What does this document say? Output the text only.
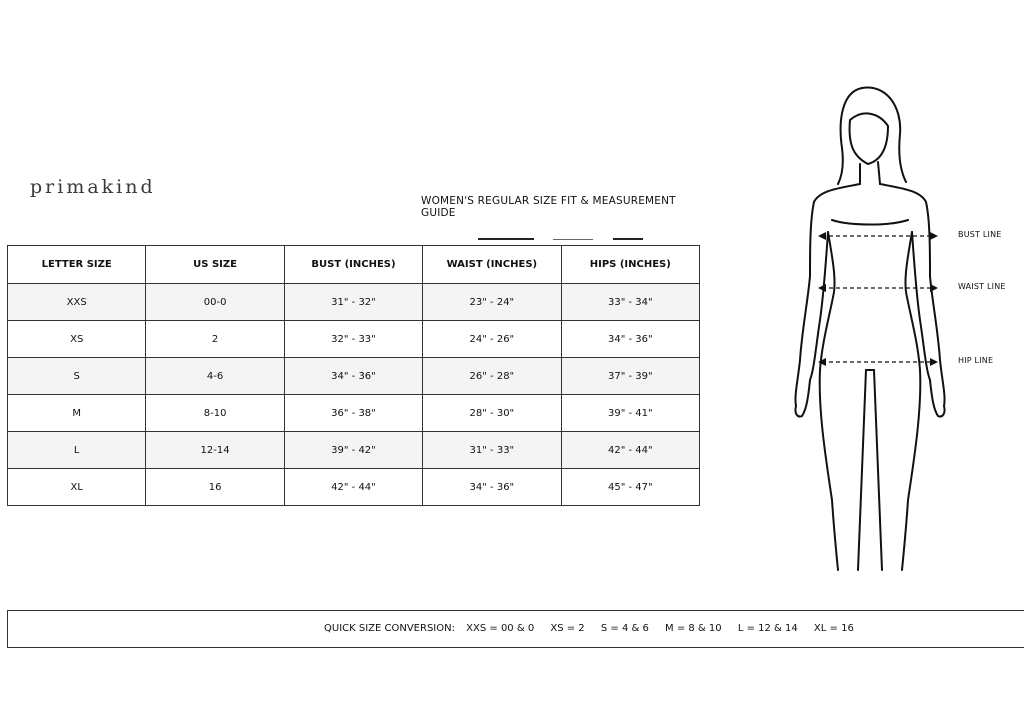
primakind
WOMEN'S REGULAR SIZE FIT & MEASUREMENT GUIDE
LETTER SIZE	US SIZE	BUST (INCHES)	WAIST (INCHES)	HIPS (INCHES)
XXS	00-0	31" - 32"	23" - 24"	33" - 34"
XS	2	32" - 33"	24" - 26"	34" - 36"
S	4-6	34" - 36"	26" - 28"	37" - 39"
M	8-10	36" - 38"	28" - 30"	39" - 41"
L	12-14	39" - 42"	31" - 33"	42" - 44"
XL	16	42" - 44"	34" - 36"	45" - 47"
BUST LINE
WAIST LINE
HIP LINE
QUICK SIZE CONVERSION: XXS = 00 & 0 XS = 2 S = 4 & 6 M = 8 & 10 L = 12 & 14 XL = 16
